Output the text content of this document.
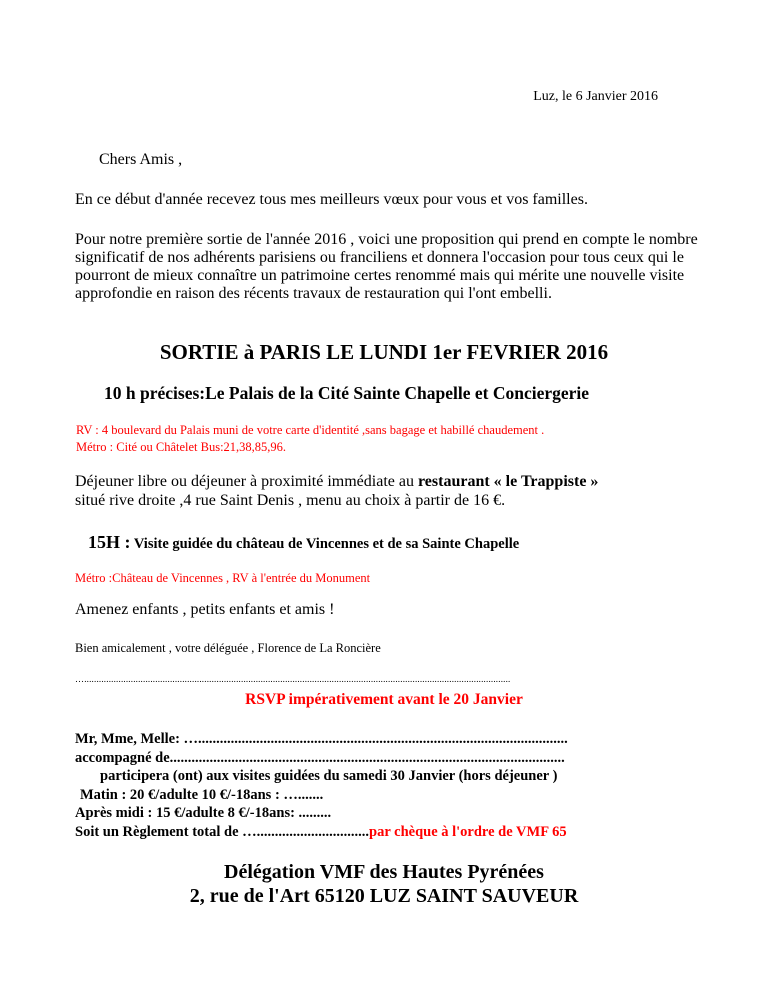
Luz, le 6 Janvier 2016
Chers Amis ,
En ce début d'année recevez tous mes meilleurs vœux pour vous et vos familles.
Pour notre première sortie de l'année 2016 , voici une proposition qui prend en compte le nombre significatif de nos adhérents parisiens ou franciliens et donnera l'occasion pour tous ceux qui le pourront de mieux connaître un patrimoine certes renommé mais qui mérite une nouvelle visite approfondie en raison des récents travaux de restauration qui l'ont embelli.
SORTIE à PARIS LE LUNDI 1er FEVRIER 2016
10 h précises:Le Palais de la Cité Sainte Chapelle et Conciergerie
RV : 4 boulevard du Palais muni de votre carte d'identité ,sans bagage et habillé chaudement .
Métro : Cité ou Châtelet Bus:21,38,85,96.
Déjeuner libre ou déjeuner à proximité immédiate au restaurant « le Trappiste »
situé rive droite ,4 rue Saint Denis , menu au choix à partir de 16 €.
15H : Visite guidée du château de Vincennes et de sa Sainte Chapelle
Métro :Château de Vincennes , RV à l'entrée du Monument
Amenez enfants , petits enfants et amis !
Bien amicalement , votre déléguée , Florence de La Roncière
…..............................................................................................................................................................................
RSVP impérativement avant le 20 Janvier
Mr, Mme, Melle: …......................................................................................................
accompagné de.............................................................................................................
participera (ont) aux visites guidées du samedi 30 Janvier (hors déjeuner )
Matin : 20 €/adulte 10 €/-18ans : ….......
Après midi : 15 €/adulte 8 €/-18ans: .........
Soit un Règlement total de …...............................par chèque à l'ordre de VMF 65
Délégation VMF des Hautes Pyrénées
2, rue de l'Art 65120 LUZ SAINT SAUVEUR
